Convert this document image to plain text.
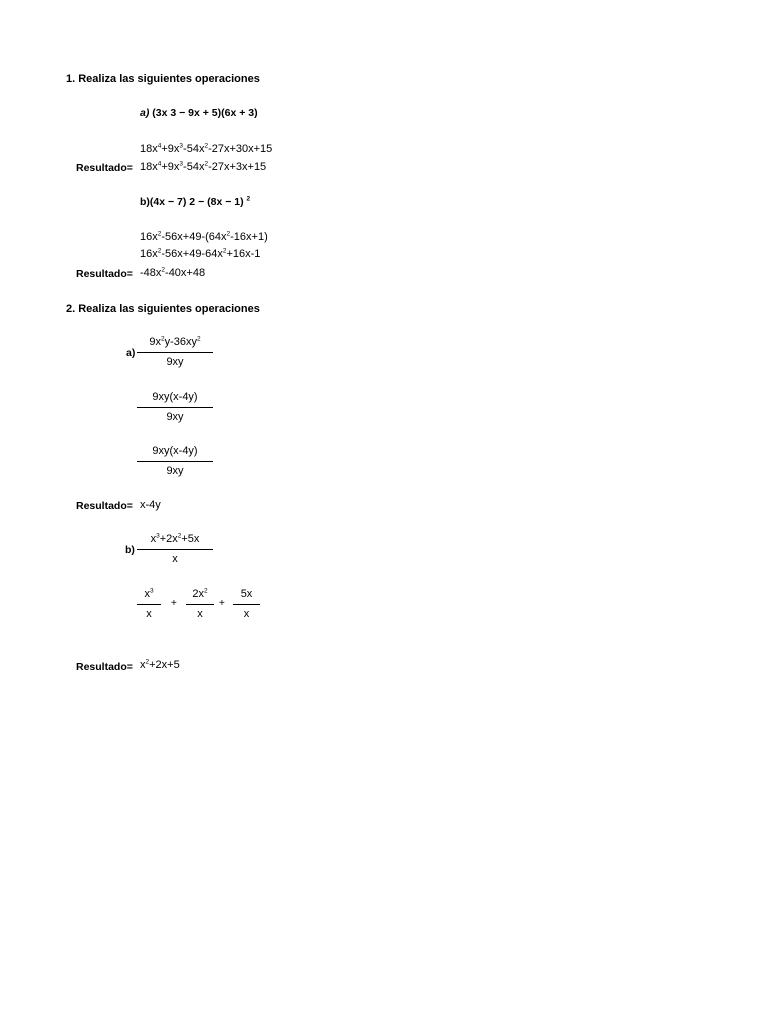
1. Realiza las siguientes operaciones
a) (3x 3 − 9x + 5)(6x + 3)
$18x^4+9x^3-54x^2-27x+30x+15$
Resultado= $18x^4+9x^3-54x^2-27x+3x+15$
b)(4x − 7) 2 − (8x − 1) $^2$
$16x^2-56x+49-(64x^2-16x+1)$
$16x^2-56x+49-64x^2+16x-1$
Resultado= $-48x^2-40x+48$
2. Realiza las siguientes operaciones
a)
$9x^2y-36xy^2$
9xy
9xy(x-4y)
9xy
9xy(x-4y)
9xy
Resultado= x-4y
b)
$x^3+2x^2+5x$
x
$x^3$
x
+
$2x^2$
x
+
5x
x
Resultado= $x^2+2x+5$
